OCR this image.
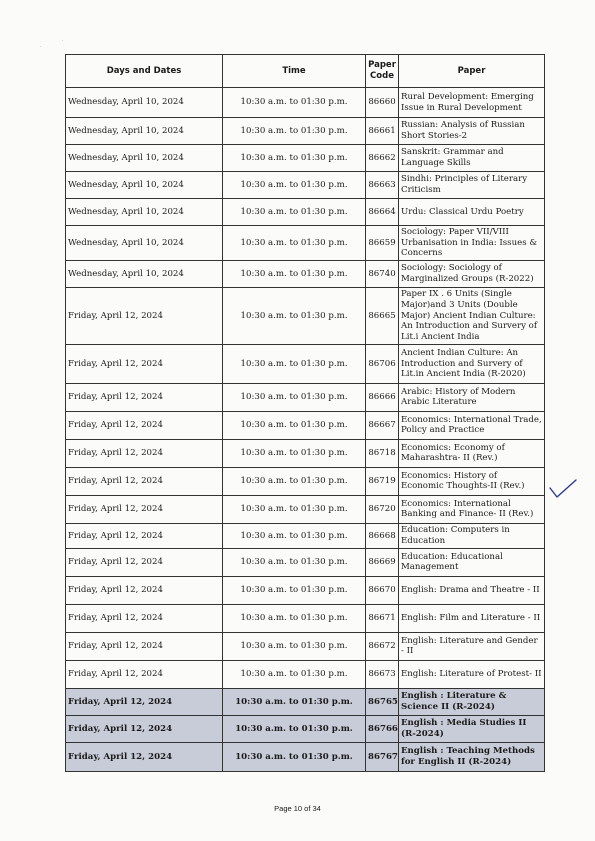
·
·
Days and Dates	Time	Paper Code	Paper
Wednesday, April 10, 2024	10:30 a.m. to 01:30 p.m.	86660	Rural Development: Emerging Issue in Rural Development
Wednesday, April 10, 2024	10:30 a.m. to 01:30 p.m.	86661	Russian: Analysis of Russian Short Stories-2
Wednesday, April 10, 2024	10:30 a.m. to 01:30 p.m.	86662	Sanskrit: Grammar and Language Skills
Wednesday, April 10, 2024	10:30 a.m. to 01:30 p.m.	86663	Sindhi: Principles of Literary Criticism
Wednesday, April 10, 2024	10:30 a.m. to 01:30 p.m.	86664	Urdu: Classical Urdu Poetry
Wednesday, April 10, 2024	10:30 a.m. to 01:30 p.m.	86659	Sociology: Paper VII/VIII Urbanisation in India: Issues & Concerns
Wednesday, April 10, 2024	10:30 a.m. to 01:30 p.m.	86740	Sociology: Sociology of Marginalized Groups (R-2022)
Friday, April 12, 2024	10:30 a.m. to 01:30 p.m.	86665	Paper IX . 6 Units (Single Major)and 3 Units (Double Major) Ancient Indian Culture: An Introduction and Survery of Lit.i Ancient India
Friday, April 12, 2024	10:30 a.m. to 01:30 p.m.	86706	Ancient Indian Culture: An Introduction and Survery of Lit.in Ancient India (R-2020)
Friday, April 12, 2024	10:30 a.m. to 01:30 p.m.	86666	Arabic: History of Modern Arabic Literature
Friday, April 12, 2024	10:30 a.m. to 01:30 p.m.	86667	Economics: International Trade, Policy and Practice
Friday, April 12, 2024	10:30 a.m. to 01:30 p.m.	86718	Economics: Economy of Maharashtra- II (Rev.)
Friday, April 12, 2024	10:30 a.m. to 01:30 p.m.	86719	Economics: History of Economic Thoughts-II (Rev.)
Friday, April 12, 2024	10:30 a.m. to 01:30 p.m.	86720	Economics: International Banking and Finance- II (Rev.)
Friday, April 12, 2024	10:30 a.m. to 01:30 p.m.	86668	Education: Computers in Education
Friday, April 12, 2024	10:30 a.m. to 01:30 p.m.	86669	Education: Educational Management
Friday, April 12, 2024	10:30 a.m. to 01:30 p.m.	86670	English: Drama and Theatre - II
Friday, April 12, 2024	10:30 a.m. to 01:30 p.m.	86671	English: Film and Literature - II
Friday, April 12, 2024	10:30 a.m. to 01:30 p.m.	86672	English: Literature and Gender - II
Friday, April 12, 2024	10:30 a.m. to 01:30 p.m.	86673	English: Literature of Protest- II
Friday, April 12, 2024	10:30 a.m. to 01:30 p.m.	86765	English : Literature & Science II (R-2024)
Friday, April 12, 2024	10:30 a.m. to 01:30 p.m.	86766	English : Media Studies II (R-2024)
Friday, April 12, 2024	10:30 a.m. to 01:30 p.m.	86767	English : Teaching Methods for English II (R-2024)
Page 10 of 34
